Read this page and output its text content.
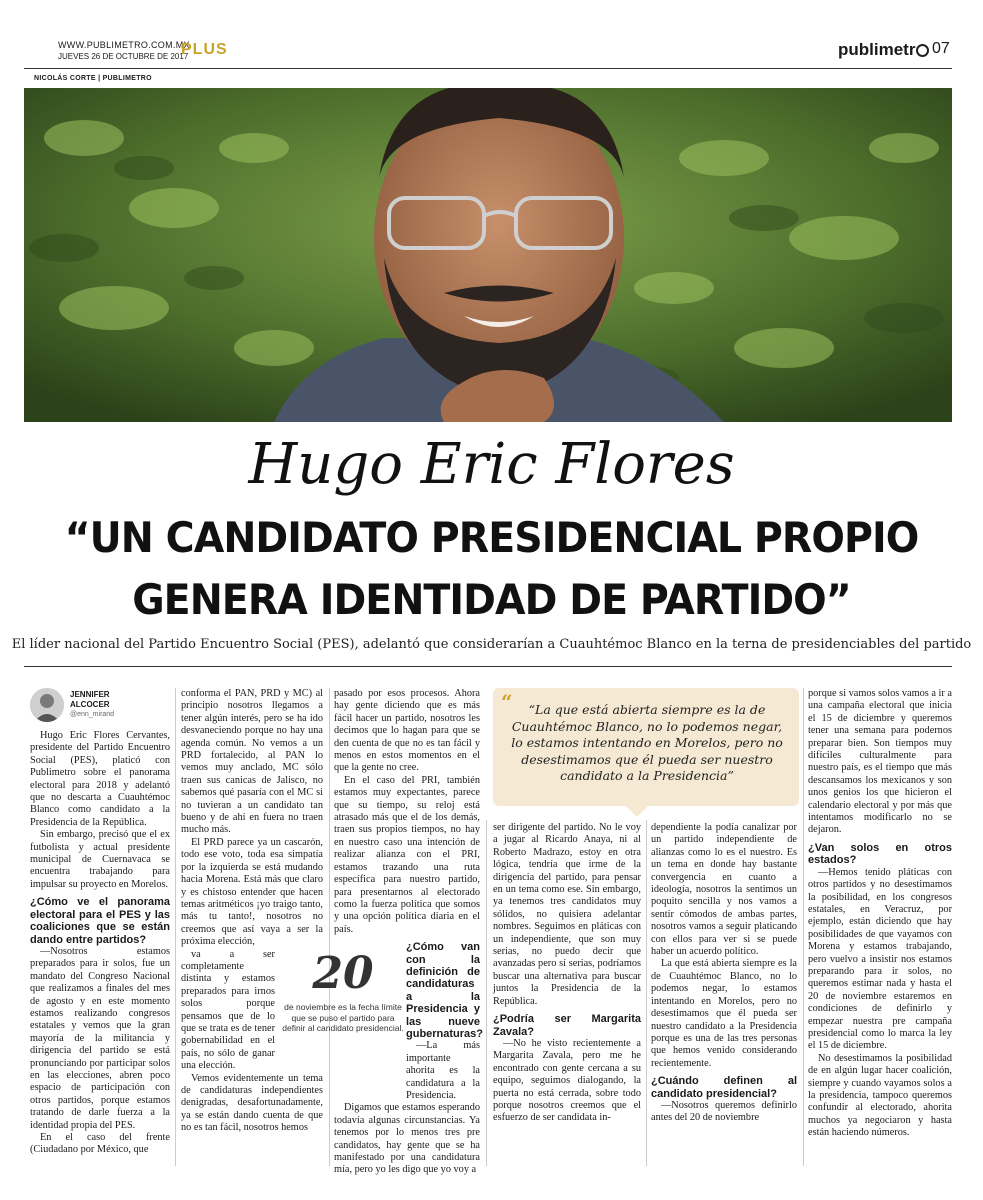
WWW.PUBLIMETRO.COM.MX
JUEVES 26 DE OCTUBRE DE 2017
PLUS	publimetr	07
NICOLÁS CORTE | PUBLIMETRO
Hugo Eric Flores
“UN CANDIDATO PRESIDENCIAL PROPIO
GENERA IDENTIDAD DE PARTIDO”
El líder nacional del Partido Encuentro Social (PES), adelantó que considerarían a Cuauhtémoc Blanco en la terna de presidenciables del partido
JENNIFER
ALCOCER
@enn_mirand

Hugo Eric Flores Cervantes, presidente del Partido Encuentro Social (PES), platicó con Publimetro sobre el panorama electoral para 2018 y adelantó que no descarta a Cuauhtémoc Blanco como candidato a la Presidencia de la República.

Sin embargo, precisó que el ex futbolista y actual presidente municipal de Cuernavaca se encuentra trabajando para impulsar su proyecto en Morelos.

¿Cómo ve el panorama electoral para el PES y las coaliciones que se están dando entre partidos?

—Nosotros estamos preparados para ir solos, fue un mandato del Congreso Nacional que realizamos a finales del mes de agosto y en este momento estamos realizando congresos estatales y vemos que la gran mayoría de la militancia y dirigencia del partido se está pronunciando por participar solos en las elecciones, abren poco espacio de participación con otros partidos, porque estamos tratando de darle fuerza a la identidad propia del PES.

En el caso del frente (Ciudadano por México, que

conforma el PAN, PRD y MC) al principio nosotros llegamos a tener algún interés, pero se ha ido desvaneciendo porque no hay una agenda común. No vemos a un PRD fortalecido, al PAN lo vemos muy anclado, MC sólo traen sus canicas de Jalisco, no sabemos qué pasaría con el MC si no tuvieran a un candidato tan bueno y de ahí en fuera no traen mucho más.

El PRD parece ya un cascarón, todo ese voto, toda esa simpatía por la izquierda se está mudando hacia Morena. Está más que claro y es chistoso entender que hacen temas aritméticos ¡yo traigo tanto, más tu tanto!, nosotros no creemos que así vaya a ser la próxima elección,

va a ser completamente distinta y estamos preparados para irnos solos porque pensamos que de lo que se trata es de tener gobernabilidad en el país, no sólo de ganar una elección.

Vemos evidentemente un tema de candidaturas independientes denigradas, desafortunadamente, ya se están dando cuenta de que no es tan fácil, nosotros hemos

20
de noviembre es la fecha límite que se puso el partido para definir al candidato presidencial.

pasado por esos procesos. Ahora hay gente diciendo que es más fácil hacer un partido, nosotros les decimos que lo hagan para que se den cuenta de que no es tan fácil y menos en estos momentos en el que la gente no cree.

En el caso del PRI, también estamos muy expectantes, parece que su tiempo, su reloj está atrasado más que el de los demás, traen sus propios tiempos, no hay en nuestro caso una intención de realizar alianza con el PRI, estamos trazando una ruta específica para nuestro partido, para presentarnos al electorado como la fuerza política que somos y una opción política diaria en el país.

¿Cómo van con la definición de candidaturas a la Presidencia y las nueve gubernaturas?

—La más importante ahorita es la candidatura a la Presidencia.

Digamos que estamos esperando todavía algunas circunstancias. Ya tenemos por lo menos tres pre candidatos, hay gente que se ha manifestado por una candidatura mía, pero yo les digo que yo voy a

“	“La que está abierta siempre es la de Cuauhtémoc Blanco, no lo podemos negar, lo estamos intentando en Morelos, pero no desestimamos que él pueda ser nuestro candidato a la Presidencia”

ser dirigente del partido. No le voy a jugar al Ricardo Anaya, ni al Roberto Madrazo, estoy en otra lógica, tendría que irme de la dirigencia del partido, para pensar en un tema como ese. Sin embargo, ya tenemos tres candidatos muy sólidos, no quisiera adelantar nombres. Seguimos en pláticas con un independiente, que son muy serias, no puedo decir que avanzadas pero sí serias, podríamos buscar una alternativa para buscar juntos la Presidencia de la República.

¿Podría ser Margarita Zavala?

—No he visto recientemente a Margarita Zavala, pero me he encontrado con gente cercana a su equipo, seguimos dialogando, la puerta no está cerrada, sobre todo porque nosotros creemos que el esfuerzo de ser candidata in-

dependiente la podía canalizar por un partido independiente de alianzas como lo es el nuestro. Es un tema en donde hay bastante convergencia en cuanto a ideología, nosotros la sentimos un poquito sencilla y nos vamos a sentir cómodos de ambas partes, nosotros vamos a seguir platicando con ellos para ver si se puede haber un acuerdo político.

La que está abierta siempre es la de Cuauhtémoc Blanco, no lo podemos negar, lo estamos intentando en Morelos, pero no desestimamos que él pueda ser nuestro candidato a la Presidencia porque es una de las tres personas que hemos venido considerando recientemente.

¿Cuándo definen al candidato presidencial?

—Nosotros queremos definirlo antes del 20 de noviembre

porque si vamos solos vamos a ir a una campaña electoral que inicia el 15 de diciembre y queremos tener una semana para podernos preparar bien. Son tiempos muy difíciles culturalmente para nuestro país, es el tiempo que más descansamos los mexicanos y son unos genios los que hicieron el calendario electoral y por más que intentamos modificarlo no se dejaron.

¿Van solos en otros estados?

—Hemos tenido pláticas con otros partidos y no desestimamos la posibilidad, en los congresos estatales, en Veracruz, por ejemplo, están diciendo que hay posibilidades de que vayamos con Morena y estamos trabajando, pero vuelvo a insistir nos estamos preparando para ir solos, no queremos estimar nada y hasta el 20 de noviembre estaremos en condiciones de definirlo y empezar nuestra pre campaña presidencial como lo marca la ley el 15 de diciembre.

No desestimamos la posibilidad de en algún lugar hacer coalición, siempre y cuando vayamos solos a la presidencia, tampoco queremos confundir al electorado, ahorita muchos ya negociaron y hasta están haciendo números.
